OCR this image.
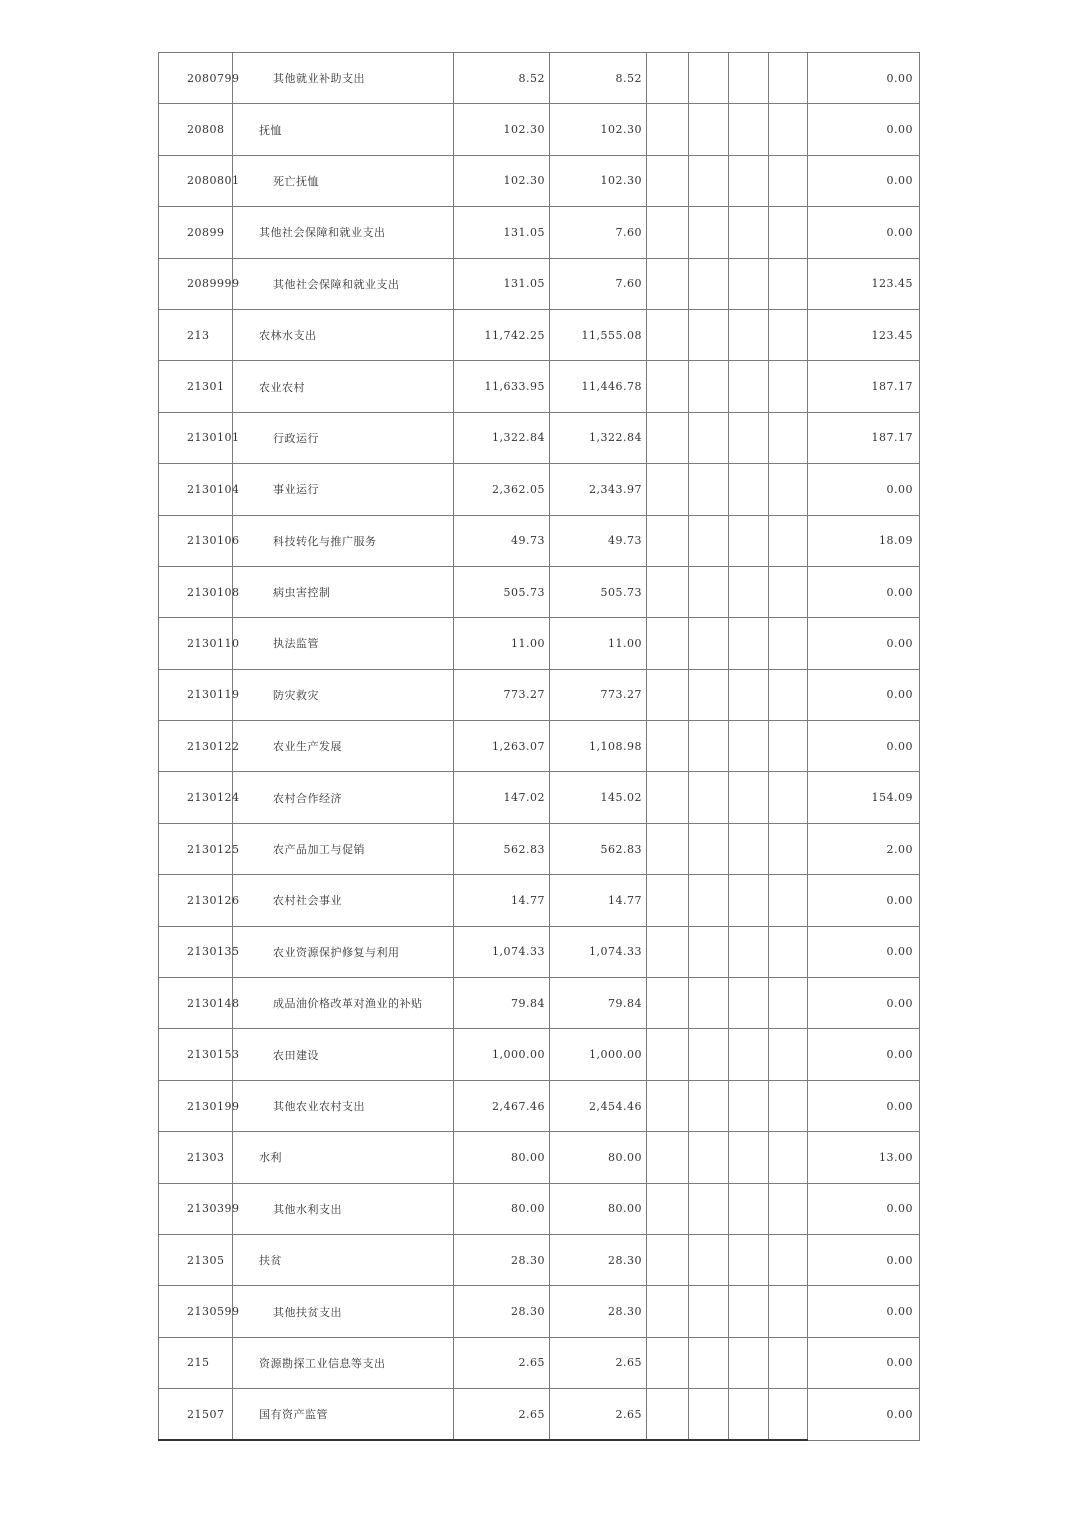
2080799	其他就业补助支出	8.52	8.52					0.00
20808	抚恤	102.30	102.30					0.00
2080801	死亡抚恤	102.30	102.30					0.00
20899	其他社会保障和就业支出	131.05	7.60					0.00
2089999	其他社会保障和就业支出	131.05	7.60					123.45
213	农林水支出	11,742.25	11,555.08					123.45
21301	农业农村	11,633.95	11,446.78					187.17
2130101	行政运行	1,322.84	1,322.84					187.17
2130104	事业运行	2,362.05	2,343.97					0.00
2130106	科技转化与推广服务	49.73	49.73					18.09
2130108	病虫害控制	505.73	505.73					0.00
2130110	执法监管	11.00	11.00					0.00
2130119	防灾救灾	773.27	773.27					0.00
2130122	农业生产发展	1,263.07	1,108.98					0.00
2130124	农村合作经济	147.02	145.02					154.09
2130125	农产品加工与促销	562.83	562.83					2.00
2130126	农村社会事业	14.77	14.77					0.00
2130135	农业资源保护修复与利用	1,074.33	1,074.33					0.00
2130148	成品油价格改革对渔业的补贴	79.84	79.84					0.00
2130153	农田建设	1,000.00	1,000.00					0.00
2130199	其他农业农村支出	2,467.46	2,454.46					0.00
21303	水利	80.00	80.00					13.00
2130399	其他水利支出	80.00	80.00					0.00
21305	扶贫	28.30	28.30					0.00
2130599	其他扶贫支出	28.30	28.30					0.00
215	资源勘探工业信息等支出	2.65	2.65					0.00
21507	国有资产监管	2.65	2.65					0.00
